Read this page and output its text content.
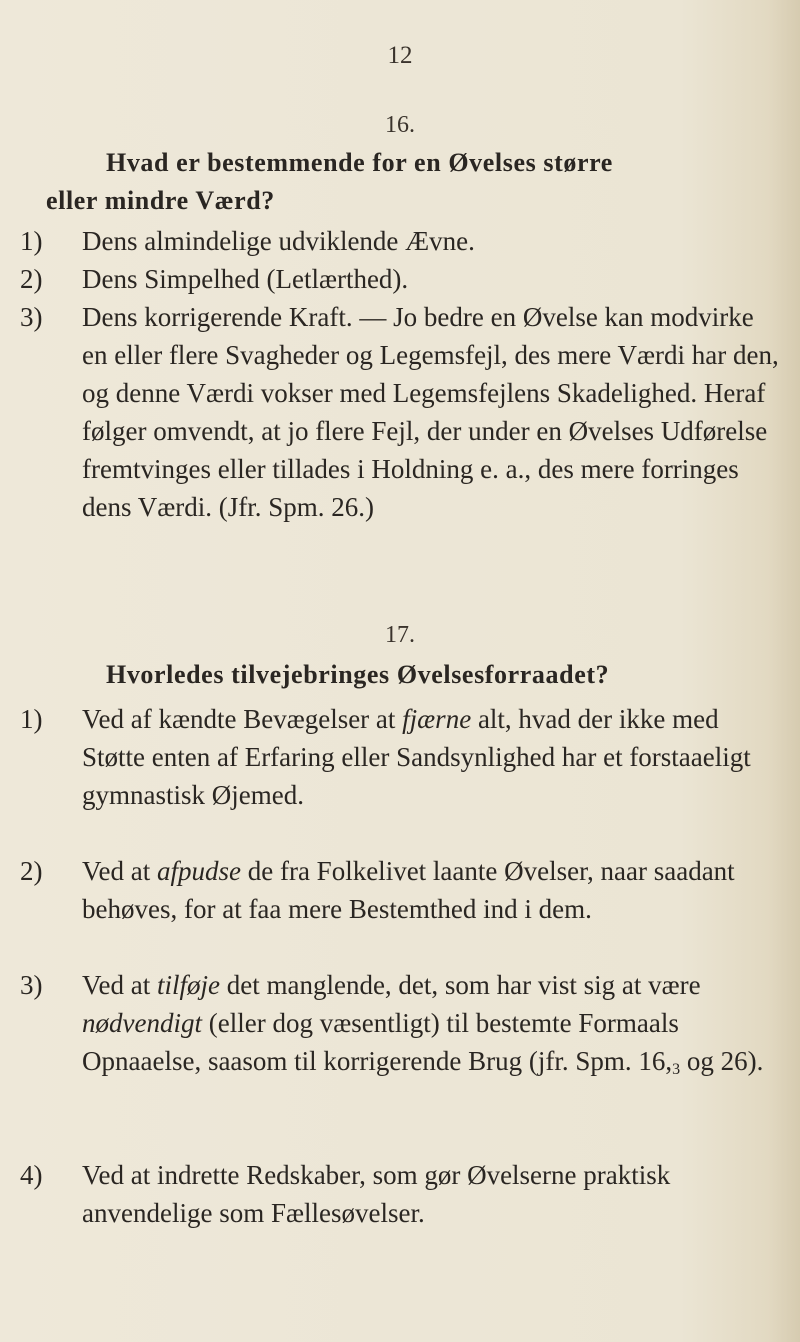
12
16.
Hvad er bestemmende for en Øvelses større
eller mindre Værd?
1)	Dens almindelige udviklende Ævne.
2)	Dens Simpelhed (Letlærthed).
3)	Dens korrigerende Kraft. — Jo bedre en Øvelse kan modvirke en eller flere Svagheder og Legemsfejl, des mere Værdi har den, og denne Værdi vokser med Legemsfejlens Skadelighed. Heraf følger omvendt, at jo flere Fejl, der under en Øvelses Udførelse fremtvinges eller tillades i Holdning e. a., des mere forringes dens Værdi. (Jfr. Spm. 26.)
17.
Hvorledes tilvejebringes Øvelsesforraadet?
1)	Ved af kændte Bevægelser at fjærne alt, hvad der ikke med Støtte enten af Erfaring eller Sandsynlighed har et forstaaeligt gymnastisk Øjemed.
2)	Ved at afpudse de fra Folkelivet laante Øvelser, naar saadant behøves, for at faa mere Bestemthed ind i dem.
3)	Ved at tilføje det manglende, det, som har vist sig at være nødvendigt (eller dog væsentligt) til bestemte Formaals Opnaaelse, saasom til korrigerende Brug (jfr. Spm. $16,_3$ og 26).
4)	Ved at indrette Redskaber, som gør Øvelserne praktisk anvendelige som Fællesøvelser.
